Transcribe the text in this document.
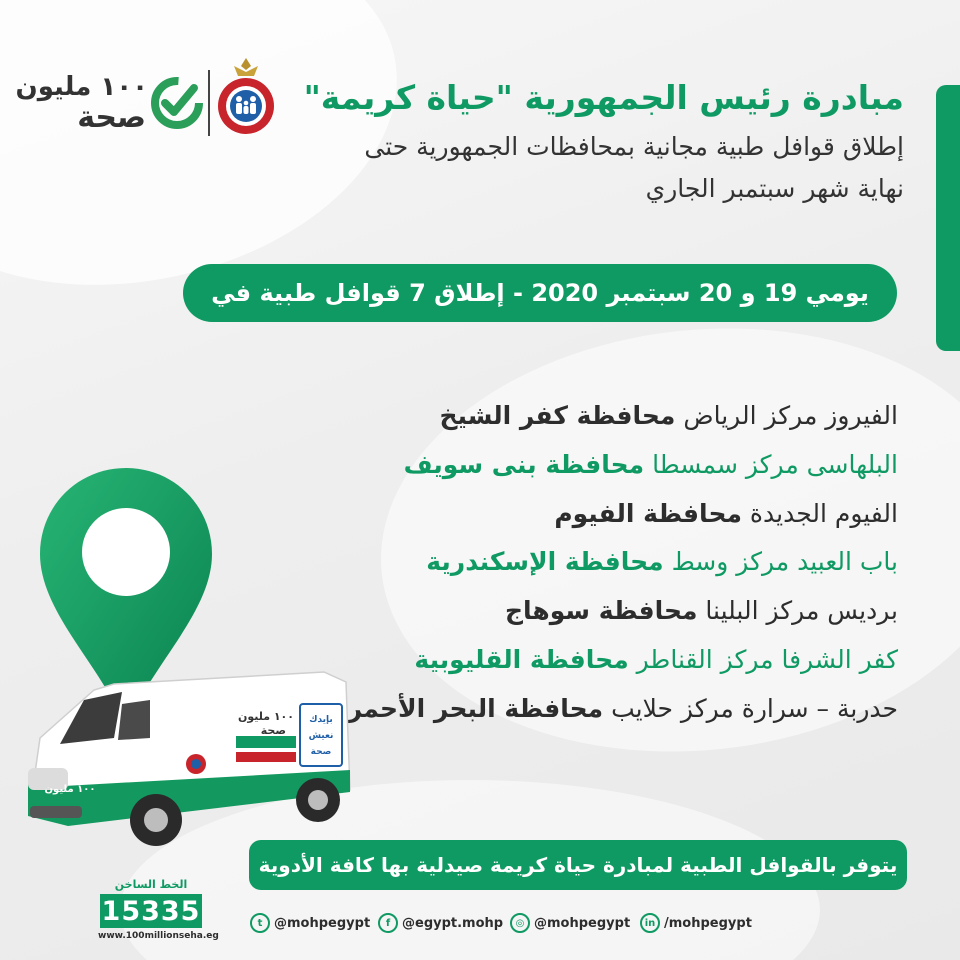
١٠٠ مليون
صحة
مبادرة رئيس الجمهورية "حياة كريمة"
إطلاق قوافل طبية مجانية بمحافظات الجمهورية حتى
نهاية شهر سبتمبر الجاري
يومي 19 و 20 سبتمبر 2020 - إطلاق 7 قوافل طبية في
الفيروز مركز الرياض محافظة كفر الشيخ
البلهاسى مركز سمسطا محافظة بنى سويف
الفيوم الجديدة محافظة الفيوم
باب العبيد مركز وسط محافظة الإسكندرية
برديس مركز البلينا محافظة سوهاج
كفر الشرفا مركز القناطر محافظة القليوبية
حدربة – سرارة مركز حلايب محافظة البحر الأحمر
١٠٠ مليون
صحة
بإيدك
نعيش
صحة
١٠٠ مليون
يتوفر بالقوافل الطبية لمبادرة حياة كريمة صيدلية بها كافة الأدوية
الخط الساخن
15335
www.100millionseha.eg
t @mohpegypt	f @egypt.mohp	◎ @mohpegypt	in /mohpegypt
